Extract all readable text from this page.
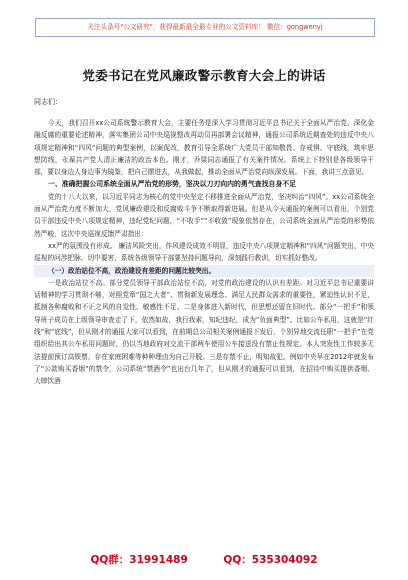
关注头条号"公文研究"，获得最新最全最专业的公文资料库！ 微信：gongwenyj
党委书记在党风廉政警示教育大会上的讲话
同志们：

今天，我们召开xx公司系统警示教育大会，主要任务是深入学习贯彻习近平总书记关于全面从严治党、深化金融反腐的重要论述精神，落实集团公司中央巡视整改再动员再部署会议精神，通报公司系统近期查处的违反中央八项规定精神和“四风”问题的典型案例，以案促改，教育引导全系统广大党员干部知敬畏、存戒惧、守底线，筑牢思想防线，永葆共产党人清正廉洁的政治本色。刚才，乔梁同志通报了有关案件情况。系统上下特别是各级领导干部，要以身边人身边事为镜鉴，把自己摆进去，从我做起，推动全面从严治党向纵深发展。下面，我讲三点意见。

一、准确把握公司系统全面从严治党的形势，坚决以刀刃向内的勇气查找自身不足

党的十八大以来，以习近平同志为核心的党中央坚定不移推进全面从严治党，坚决纠治“四风”。xx公司系统全面从严治党力度不断加大，党风廉政建设和反腐败斗争不断取得新进展。但是从今天通报的案例可以看出，个别党员干部违反中央八项规定精神，违纪党纪问题，“不收手”“不收敛”现象依然存在，公司系统全面从严治党的形势依然严峻，这次中央巡视反馈严肃指出：

xx严的氛围没有形成。 廉洁风险突出，作风建设成效不明显，违反中央八项规定精神和“四风”问题突出，中央巡视的问涉把脉、切中要害，系统各级领导干部要坚持问题导向，深刻践行教训，切实抓好整改。

（一）政治站位不高，政治建设有差距的问题比较突出。

一是政治站位不高。部分党员领导干部政治站位不高，对党的政治建设的认识有差距。对习近平总书记重要讲话精神的学习贯彻不够，对照党章“国之大者”、贯彻新发展理念、满足人民群众需求的重要性，紧迫性认识不足，抵制各种腐败和不正之风的自觉性、敏感性不足。二是身体进入新时代，但思想还留在旧时代。部分“一把手”和领导班子成员在上级领导审查走了下，依然如故，我行我素，知纪违纪，成为“负面典型”。比如公车私用，这就是“红线”和“底线”，但从刚才的通报大家可以看到，在前期总公司相关案例通报下发后，个别异地交流任职“一把手”在党组织给出其公车私用问题时，仍以当地政府对交流干部两车使用公车接送没有禁止性规定、本人突发性工作较多无法提前预订高铁票，存在家庭困难等种种理由为自己开脱。三是存禁不止，明知故犯。例如中央早在2012年就发布了“公款购买香烟”的禁令，公司系统“禁酒令”也出台几年了，但从刚才的通报可以看到，在招待中购买提供香烟、大肆饮酒

QQ群：31991489	QQ：535304092
